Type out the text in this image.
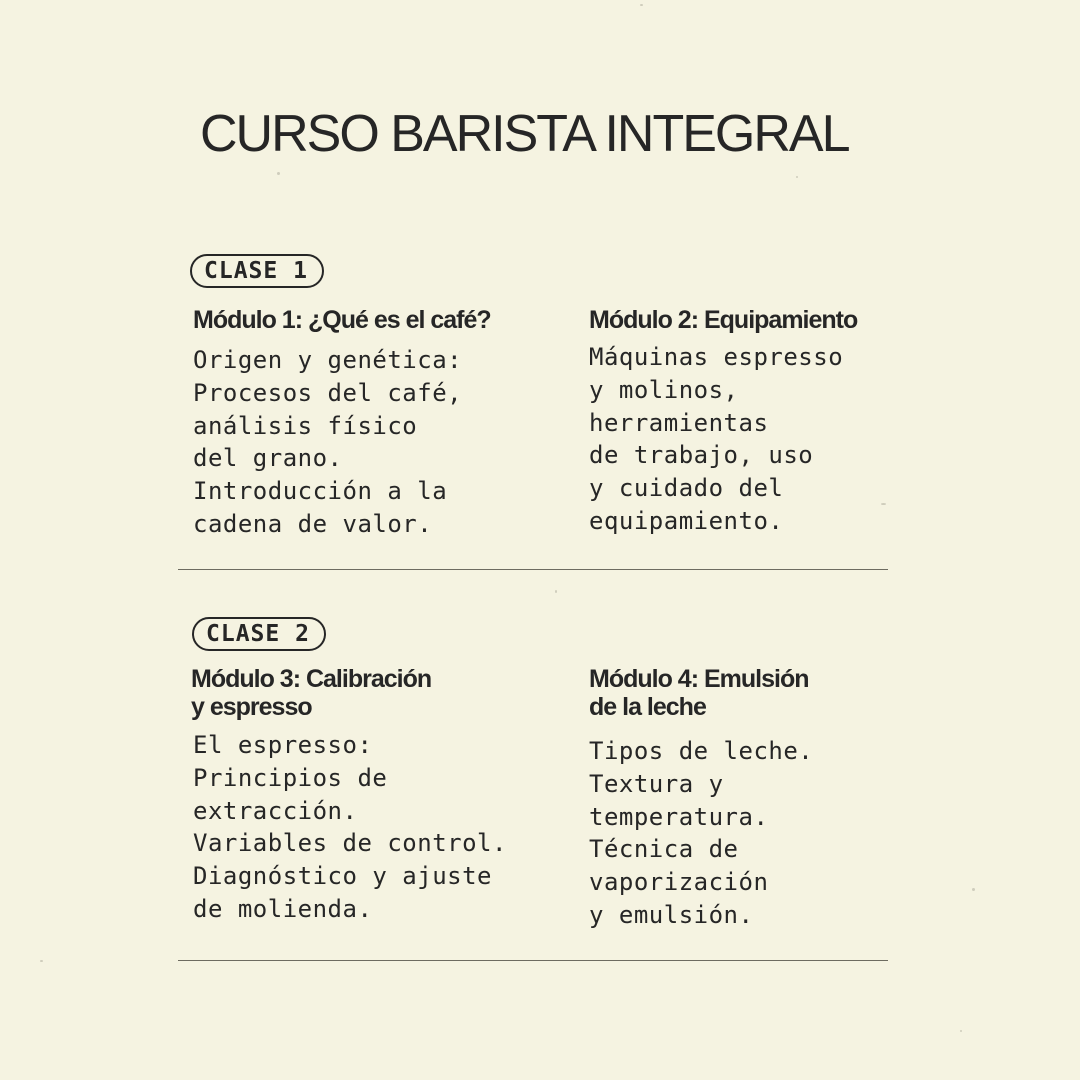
CURSO BARISTA INTEGRAL
CLASE 1
Módulo 1: ¿Qué es el café?
Origen y genética:
Procesos del café,
análisis físico
del grano.
Introducción a la
cadena de valor.
Módulo 2: Equipamiento
Máquinas espresso
y molinos,
herramientas
de trabajo, uso
y cuidado del
equipamiento.
CLASE 2
Módulo 3: Calibración
y espresso
El espresso:
Principios de
extracción.
Variables de control.
Diagnóstico y ajuste
de molienda.
Módulo 4: Emulsión
de la leche
Tipos de leche.
Textura y
temperatura.
Técnica de
vaporización
y emulsión.
